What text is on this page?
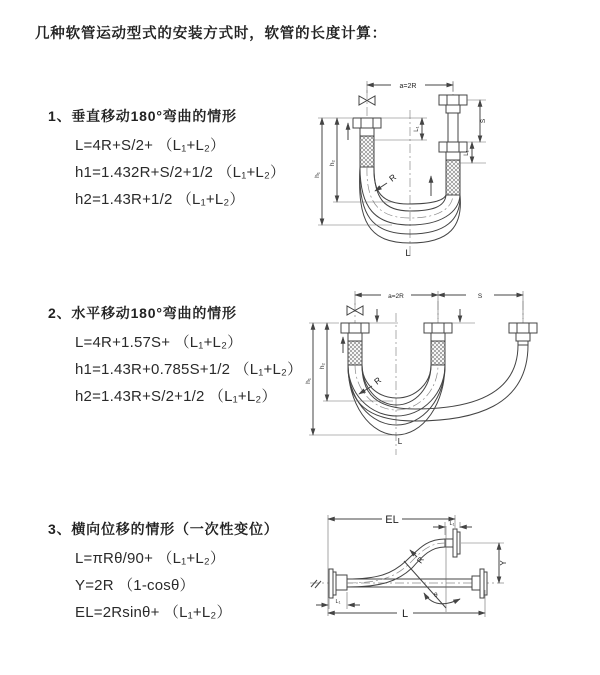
几种软管运动型式的安装方式时，软管的长度计算：
1、垂直移动180°弯曲的情形
L=4R+S/2+ （L₁+L₂）
h1=1.432R+S/2+1/2 （L₁+L₂）
h2=1.43R+1/2 （L₁+L₂）
2、水平移动180°弯曲的情形
L=4R+1.57S+ （L₁+L₂）
h1=1.43R+0.785S+1/2 （L₁+L₂）
h2=1.43R+S/2+1/2 （L₁+L₂）
3、横向位移的情形（一次性变位）
L=πRθ/90+ （L₁+L₂）
Y=2R （1-cosθ）
EL=2Rsinθ+ （L₁+L₂）
a=2R
h₁
h₂
L₁
S
L₁
R
L
a=2R	S
h₁
h₂
R
L
EL	L₁
θ
R	Y
L
L₁
